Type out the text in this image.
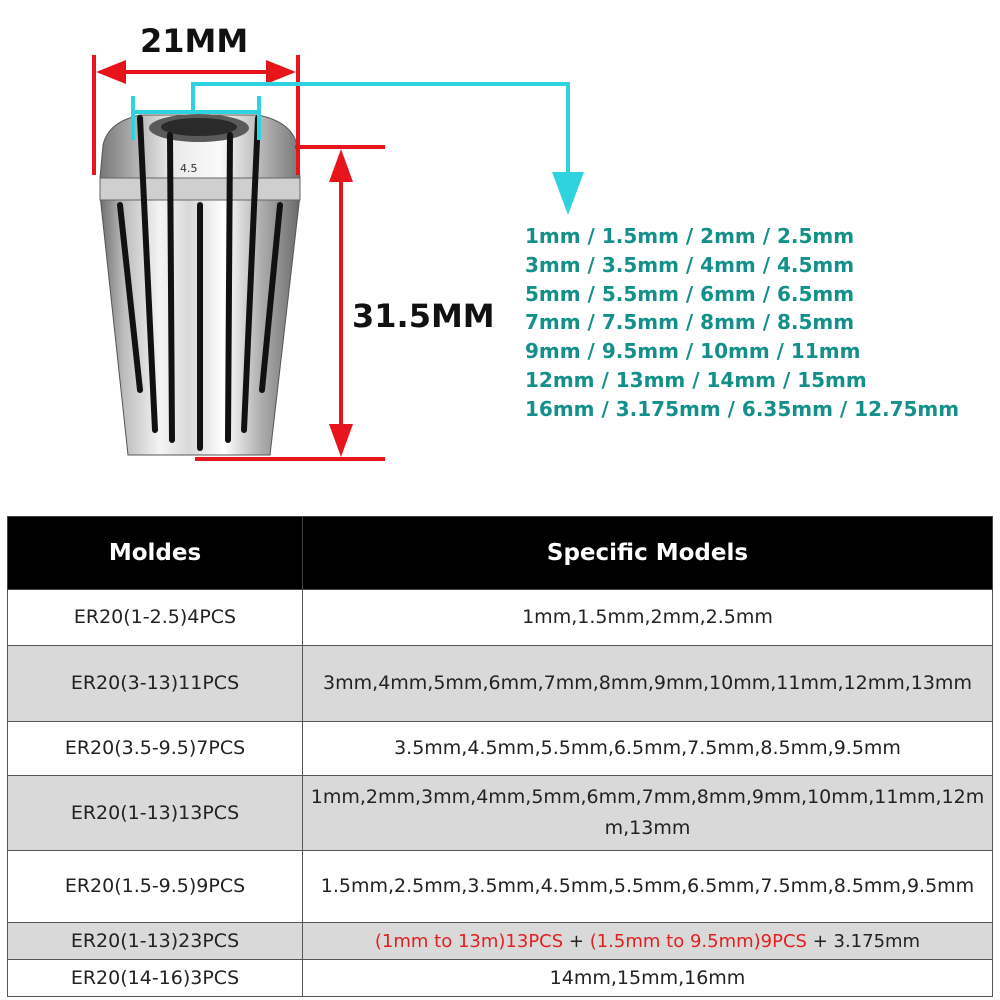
4.5
21MM
31.5MM
1mm / 1.5mm / 2mm / 2.5mm
3mm / 3.5mm / 4mm / 4.5mm
5mm / 5.5mm / 6mm / 6.5mm
7mm / 7.5mm / 8mm / 8.5mm
9mm / 9.5mm / 10mm / 11mm
12mm / 13mm / 14mm / 15mm
16mm / 3.175mm / 6.35mm / 12.75mm
Moldes	Specific Models
ER20(1-2.5)4PCS	1mm,1.5mm,2mm,2.5mm
ER20(3-13)11PCS	3mm,4mm,5mm,6mm,7mm,8mm,9mm,10mm,11mm,12mm,13mm
ER20(3.5-9.5)7PCS	3.5mm,4.5mm,5.5mm,6.5mm,7.5mm,8.5mm,9.5mm
ER20(1-13)13PCS	1mm,2mm,3mm,4mm,5mm,6mm,7mm,8mm,9mm,10mm,11mm,12mm,13mm
ER20(1.5-9.5)9PCS	1.5mm,2.5mm,3.5mm,4.5mm,5.5mm,6.5mm,7.5mm,8.5mm,9.5mm
ER20(1-13)23PCS	(1mm to 13m)13PCS + (1.5mm to 9.5mm)9PCS + 3.175mm
ER20(14-16)3PCS	14mm,15mm,16mm
